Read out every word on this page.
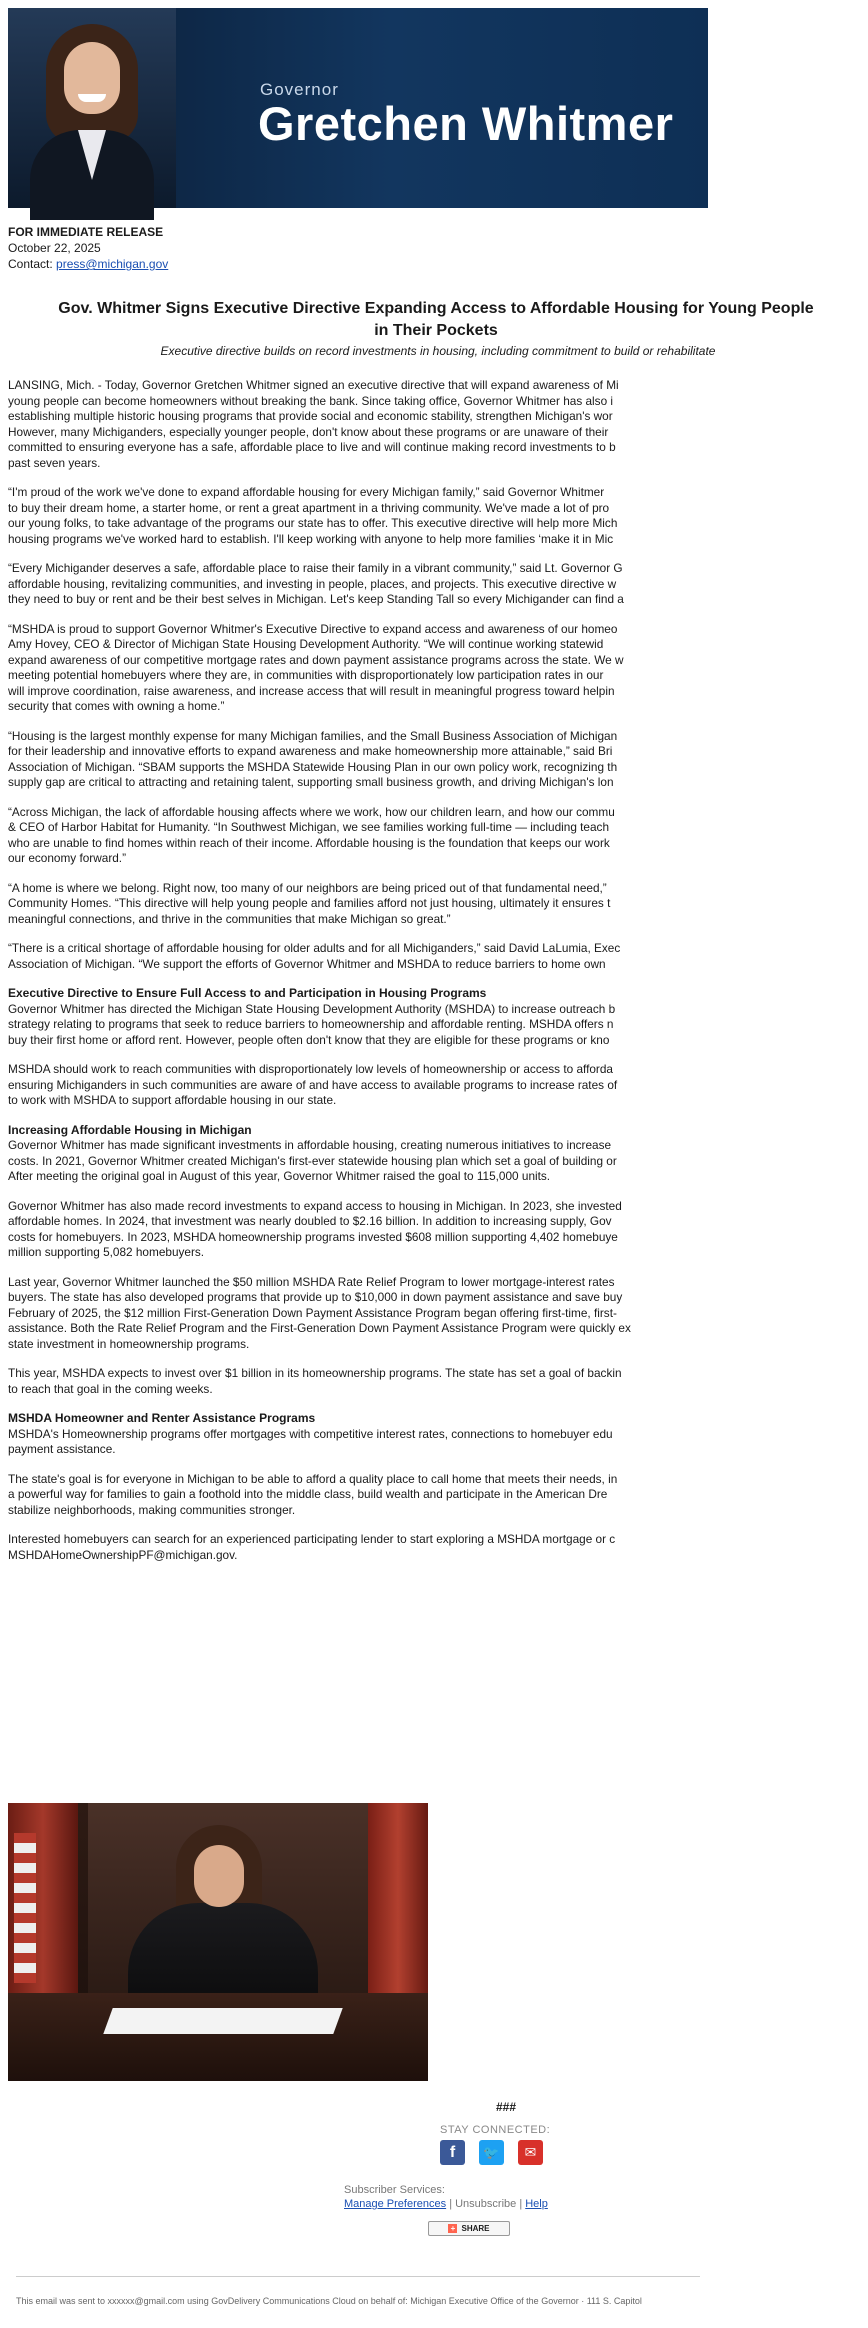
Governor
Gretchen Whitmer
FOR IMMEDIATE RELEASE
October 22, 2025
Contact: press@michigan.gov
Gov. Whitmer Signs Executive Directive Expanding Access to Affordable Housing for Young People
in Their Pockets
Executive directive builds on record investments in housing, including commitment to build or rehabilitate

LANSING, Mich. - Today, Governor Gretchen Whitmer signed an executive directive that will expand awareness of Mi
young people can become homeowners without breaking the bank. Since taking office, Governor Whitmer has also i
establishing multiple historic housing programs that provide social and economic stability, strengthen Michigan's wor
However, many Michiganders, especially younger people, don't know about these programs or are unaware of their
committed to ensuring everyone has a safe, affordable place to live and will continue making record investments to b
past seven years.

“I'm proud of the work we've done to expand affordable housing for every Michigan family,” said Governor Whitmer
to buy their dream home, a starter home, or rent a great apartment in a thriving community. We've made a lot of pro
our young folks, to take advantage of the programs our state has to offer. This executive directive will help more Mich
housing programs we've worked hard to establish. I'll keep working with anyone to help more families ‘make it in Mic

“Every Michigander deserves a safe, affordable place to raise their family in a vibrant community,” said Lt. Governor G
affordable housing, revitalizing communities, and investing in people, places, and projects. This executive directive w
they need to buy or rent and be their best selves in Michigan. Let's keep Standing Tall so every Michigander can find a

“MSHDA is proud to support Governor Whitmer's Executive Directive to expand access and awareness of our homeo
Amy Hovey, CEO & Director of Michigan State Housing Development Authority. “We will continue working statewid
expand awareness of our competitive mortgage rates and down payment assistance programs across the state. We w
meeting potential homebuyers where they are, in communities with disproportionately low participation rates in our
will improve coordination, raise awareness, and increase access that will result in meaningful progress toward helpin
security that comes with owning a home.”

“Housing is the largest monthly expense for many Michigan families, and the Small Business Association of Michigan
for their leadership and innovative efforts to expand awareness and make homeownership more attainable,” said Bri
Association of Michigan. “SBAM supports the MSHDA Statewide Housing Plan in our own policy work, recognizing th
supply gap are critical to attracting and retaining talent, supporting small business growth, and driving Michigan's lon

“Across Michigan, the lack of affordable housing affects where we work, how our children learn, and how our commu
& CEO of Harbor Habitat for Humanity. “In Southwest Michigan, we see families working full-time — including teach
who are unable to find homes within reach of their income. Affordable housing is the foundation that keeps our work
our economy forward.”

“A home is where we belong. Right now, too many of our neighbors are being priced out of that fundamental need,”
Community Homes. “This directive will help young people and families afford not just housing, ultimately it ensures t
meaningful connections, and thrive in the communities that make Michigan so great.”

“There is a critical shortage of affordable housing for older adults and for all Michiganders,” said David LaLumia, Exec
Association of Michigan. “We support the efforts of Governor Whitmer and MSHDA to reduce barriers to home own

Executive Directive to Ensure Full Access to and Participation in Housing Programs

Governor Whitmer has directed the Michigan State Housing Development Authority (MSHDA) to increase outreach b
strategy relating to programs that seek to reduce barriers to homeownership and affordable renting. MSHDA offers n
buy their first home or afford rent. However, people often don't know that they are eligible for these programs or kno

MSHDA should work to reach communities with disproportionately low levels of homeownership or access to afforda
ensuring Michiganders in such communities are aware of and have access to available programs to increase rates of
to work with MSHDA to support affordable housing in our state.

Increasing Affordable Housing in Michigan

Governor Whitmer has made significant investments in affordable housing, creating numerous initiatives to increase
costs. In 2021, Governor Whitmer created Michigan's first-ever statewide housing plan which set a goal of building or
After meeting the original goal in August of this year, Governor Whitmer raised the goal to 115,000 units.

Governor Whitmer has also made record investments to expand access to housing in Michigan. In 2023, she invested
affordable homes. In 2024, that investment was nearly doubled to $2.16 billion. In addition to increasing supply, Gov
costs for homebuyers. In 2023, MSHDA homeownership programs invested $608 million supporting 4,402 homebuye
million supporting 5,082 homebuyers.

Last year, Governor Whitmer launched the $50 million MSHDA Rate Relief Program to lower mortgage-interest rates
buyers. The state has also developed programs that provide up to $10,000 in down payment assistance and save buy
February of 2025, the $12 million First-Generation Down Payment Assistance Program began offering first-time, first-
assistance. Both the Rate Relief Program and the First-Generation Down Payment Assistance Program were quickly ex
state investment in homeownership programs.

This year, MSHDA expects to invest over $1 billion in its homeownership programs. The state has set a goal of backin
to reach that goal in the coming weeks.

MSHDA Homeowner and Renter Assistance Programs

MSHDA's Homeownership programs offer mortgages with competitive interest rates, connections to homebuyer edu
payment assistance.

The state's goal is for everyone in Michigan to be able to afford a quality place to call home that meets their needs, in
a powerful way for families to gain a foothold into the middle class, build wealth and participate in the American Dre
stabilize neighborhoods, making communities stronger.

Interested homebuyers can search for an experienced participating lender to start exploring a MSHDA mortgage or c
MSHDAHomeOwnershipPF@michigan.gov.

###
STAY CONNECTED:
f	🐦	✉
Subscriber Services:
Manage Preferences | Unsubscribe | Help
+ SHARE
This email was sent to xxxxxx@gmail.com using GovDelivery Communications Cloud on behalf of: Michigan Executive Office of the Governor · 111 S. Capitol
